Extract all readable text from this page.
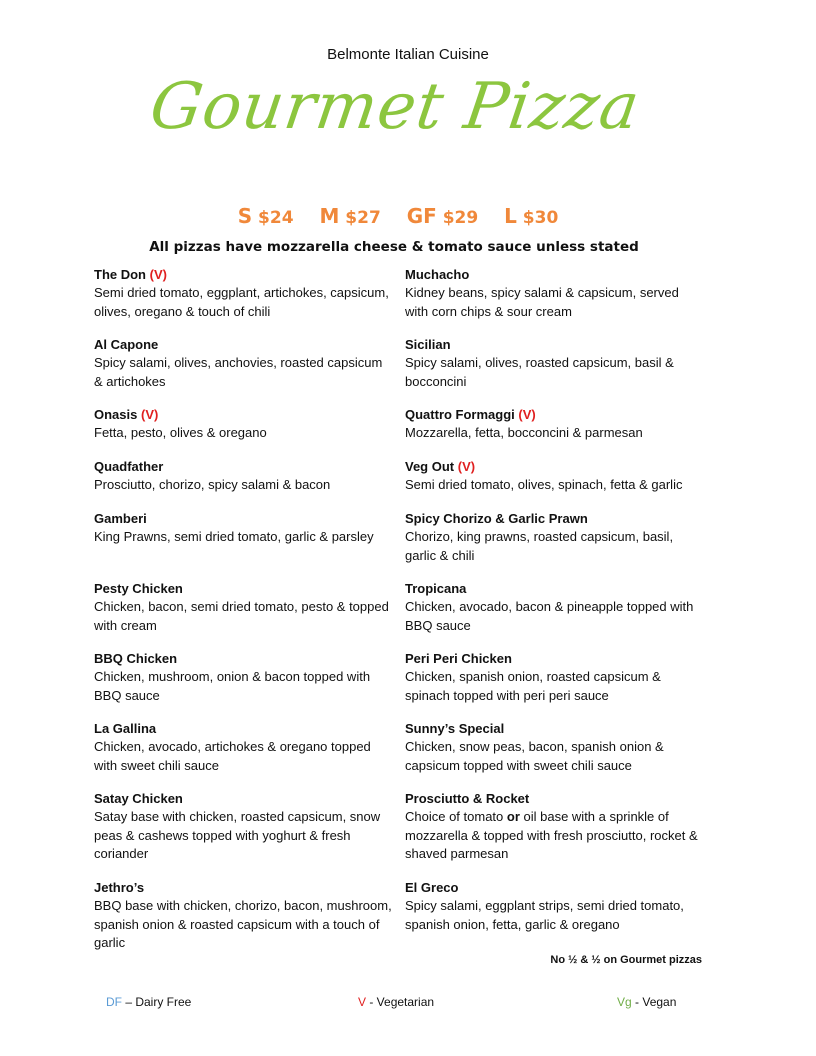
Belmonte Italian Cuisine
Gourmet Pizza
S $24 M $27 GF $29 L $30
All pizzas have mozzarella cheese & tomato sauce unless stated
The Don (V)
Semi dried tomato, eggplant, artichokes, capsicum, olives, oregano & touch of chili
Al Capone
Spicy salami, olives, anchovies, roasted capsicum & artichokes
Onasis (V)
Fetta, pesto, olives & oregano
Quadfather
Prosciutto, chorizo, spicy salami & bacon
Gamberi
King Prawns, semi dried tomato, garlic & parsley
Pesty Chicken
Chicken, bacon, semi dried tomato, pesto & topped with cream
BBQ Chicken
Chicken, mushroom, onion & bacon topped with BBQ sauce
La Gallina
Chicken, avocado, artichokes & oregano topped with sweet chili sauce
Satay Chicken
Satay base with chicken, roasted capsicum, snow peas & cashews topped with yoghurt & fresh coriander
Jethro’s
BBQ base with chicken, chorizo, bacon, mushroom, spanish onion & roasted capsicum with a touch of garlic
Muchacho
Kidney beans, spicy salami & capsicum, served with corn chips & sour cream
Sicilian
Spicy salami, olives, roasted capsicum, basil & bocconcini
Quattro Formaggi (V)
Mozzarella, fetta, bocconcini & parmesan
Veg Out (V)
Semi dried tomato, olives, spinach, fetta & garlic
Spicy Chorizo & Garlic Prawn
Chorizo, king prawns, roasted capsicum, basil, garlic & chili
Tropicana
Chicken, avocado, bacon & pineapple topped with BBQ sauce
Peri Peri Chicken
Chicken, spanish onion, roasted capsicum & spinach topped with peri peri sauce
Sunny’s Special
Chicken, snow peas, bacon, spanish onion & capsicum topped with sweet chili sauce
Prosciutto & Rocket
Choice of tomato or oil base with a sprinkle of mozzarella & topped with fresh prosciutto, rocket & shaved parmesan
El Greco
Spicy salami, eggplant strips, semi dried tomato, spanish onion, fetta, garlic & oregano
No ½ & ½ on Gourmet pizzas
DF – Dairy Free	V - Vegetarian	Vg - Vegan
